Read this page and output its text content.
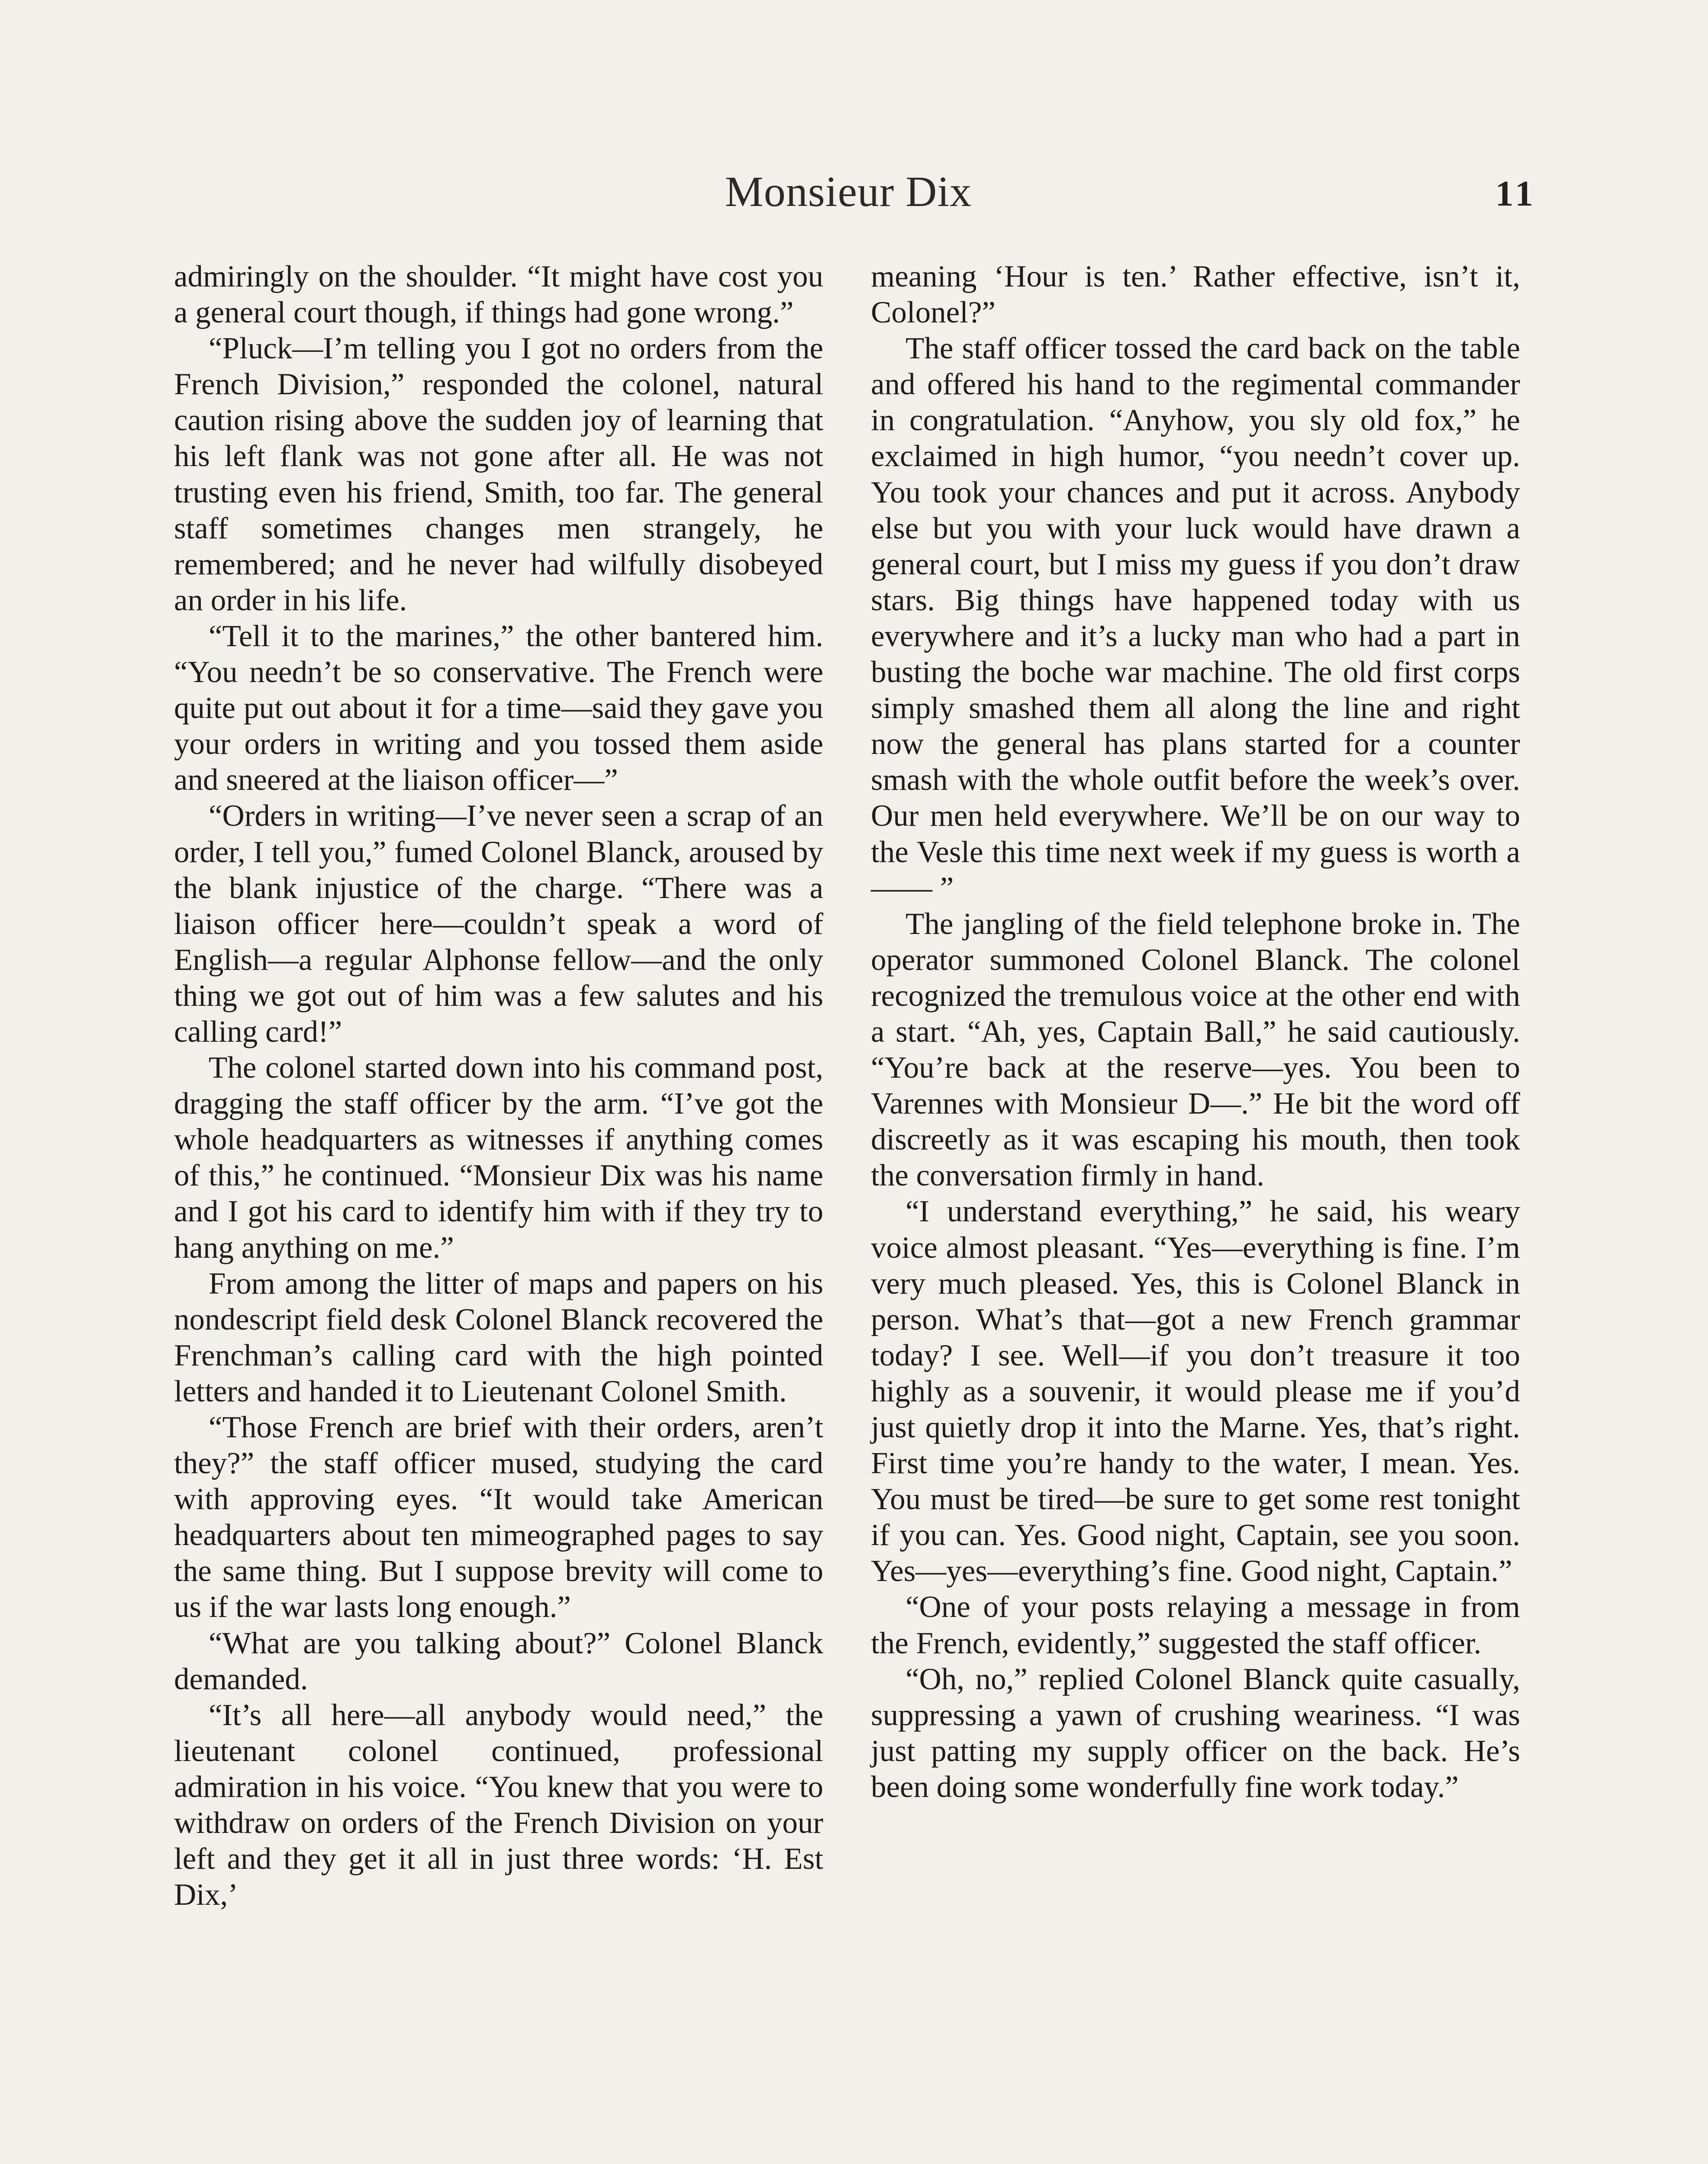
Monsieur Dix	11

admiringly on the shoulder. “It might have cost you a general court though, if things had gone wrong.”

“Pluck—I’m telling you I got no orders from the French Division,” responded the colonel, natural caution rising above the sudden joy of learning that his left flank was not gone after all. He was not trusting even his friend, Smith, too far. The general staff sometimes changes men strangely, he remembered; and he never had wilfully disobeyed an order in his life.

“Tell it to the marines,” the other bantered him. “You needn’t be so conservative. The French were quite put out about it for a time—said they gave you your orders in writing and you tossed them aside and sneered at the liaison officer—”

“Orders in writing—I’ve never seen a scrap of an order, I tell you,” fumed Colonel Blanck, aroused by the blank injustice of the charge. “There was a liaison officer here—couldn’t speak a word of English—a regular Alphonse fellow—and the only thing we got out of him was a few salutes and his calling card!”

The colonel started down into his command post, dragging the staff officer by the arm. “I’ve got the whole headquarters as witnesses if anything comes of this,” he continued. “Monsieur Dix was his name and I got his card to identify him with if they try to hang anything on me.”

From among the litter of maps and papers on his nondescript field desk Colonel Blanck recovered the Frenchman’s calling card with the high pointed letters and handed it to Lieutenant Colonel Smith.

“Those French are brief with their orders, aren’t they?” the staff officer mused, studying the card with approving eyes. “It would take American headquarters about ten mimeographed pages to say the same thing. But I suppose brevity will come to us if the war lasts long enough.”

“What are you talking about?” Colonel Blanck demanded.

“It’s all here—all anybody would need,” the lieutenant colonel continued, professional admiration in his voice. “You knew that you were to withdraw on orders of the French Division on your left and they get it all in just three words: ‘H. Est Dix,’

meaning ‘Hour is ten.’ Rather effective, isn’t it, Colonel?”

The staff officer tossed the card back on the table and offered his hand to the regimental commander in congratulation. “Anyhow, you sly old fox,” he exclaimed in high humor, “you needn’t cover up. You took your chances and put it across. Anybody else but you with your luck would have drawn a general court, but I miss my guess if you don’t draw stars. Big things have happened today with us everywhere and it’s a lucky man who had a part in busting the boche war machine. The old first corps simply smashed them all along the line and right now the general has plans started for a counter smash with the whole outfit before the week’s over. Our men held everywhere. We’ll be on our way to the Vesle this time next week if my guess is worth a —— ”

The jangling of the field telephone broke in. The operator summoned Colonel Blanck. The colonel recognized the tremulous voice at the other end with a start. “Ah, yes, Captain Ball,” he said cautiously. “You’re back at the reserve—yes. You been to Varennes with Monsieur D—.” He bit the word off discreetly as it was escaping his mouth, then took the conversation firmly in hand.

“I understand everything,” he said, his weary voice almost pleasant. “Yes—everything is fine. I’m very much pleased. Yes, this is Colonel Blanck in person. What’s that—got a new French grammar today? I see. Well—if you don’t treasure it too highly as a souvenir, it would please me if you’d just quietly drop it into the Marne. Yes, that’s right. First time you’re handy to the water, I mean. Yes. You must be tired—be sure to get some rest tonight if you can. Yes. Good night, Captain, see you soon. Yes—yes—everything’s fine. Good night, Captain.”

“One of your posts relaying a message in from the French, evidently,” suggested the staff officer.

“Oh, no,” replied Colonel Blanck quite casually, suppressing a yawn of crushing weariness. “I was just patting my supply officer on the back. He’s been doing some wonderfully fine work today.”
